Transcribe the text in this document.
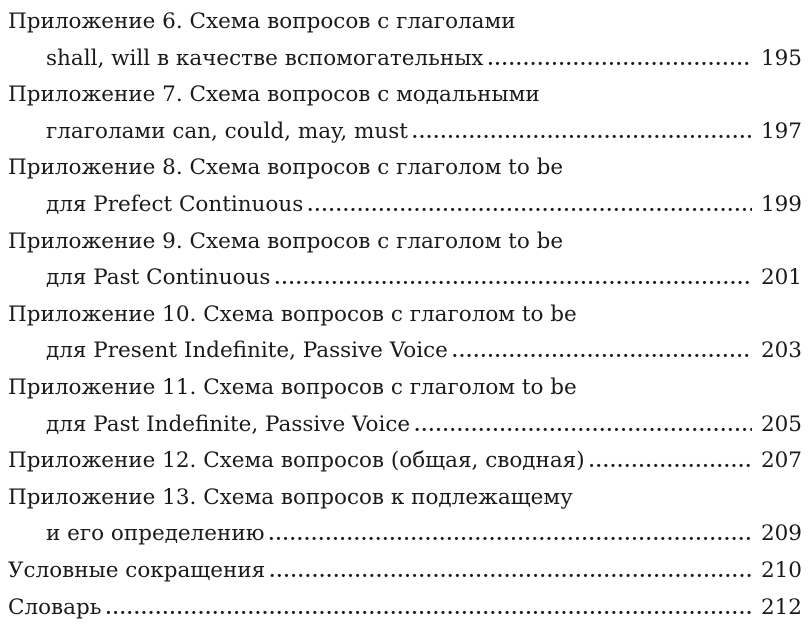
Приложение 6. Схема вопросов с глаголами
shall, will в качестве вспомогательных .....	195
Приложение 7. Схема вопросов с модальными
глаголами can, could, may, must .....	197
Приложение 8. Схема вопросов с глаголом to be
для Prefect Continuous .....	199
Приложение 9. Схема вопросов с глаголом to be
для Past Continuous .....	201
Приложение 10. Схема вопросов с глаголом to be
для Present Indefinite, Passive Voice .....	203
Приложение 11. Схема вопросов с глаголом to be
для Past Indefinite, Passive Voice .....	205
Приложение 12. Схема вопросов (общая, сводная) .....	207
Приложение 13. Схема вопросов к подлежащему
и его определению .....	209
Условные сокращения .....	210
Словарь .....	212
